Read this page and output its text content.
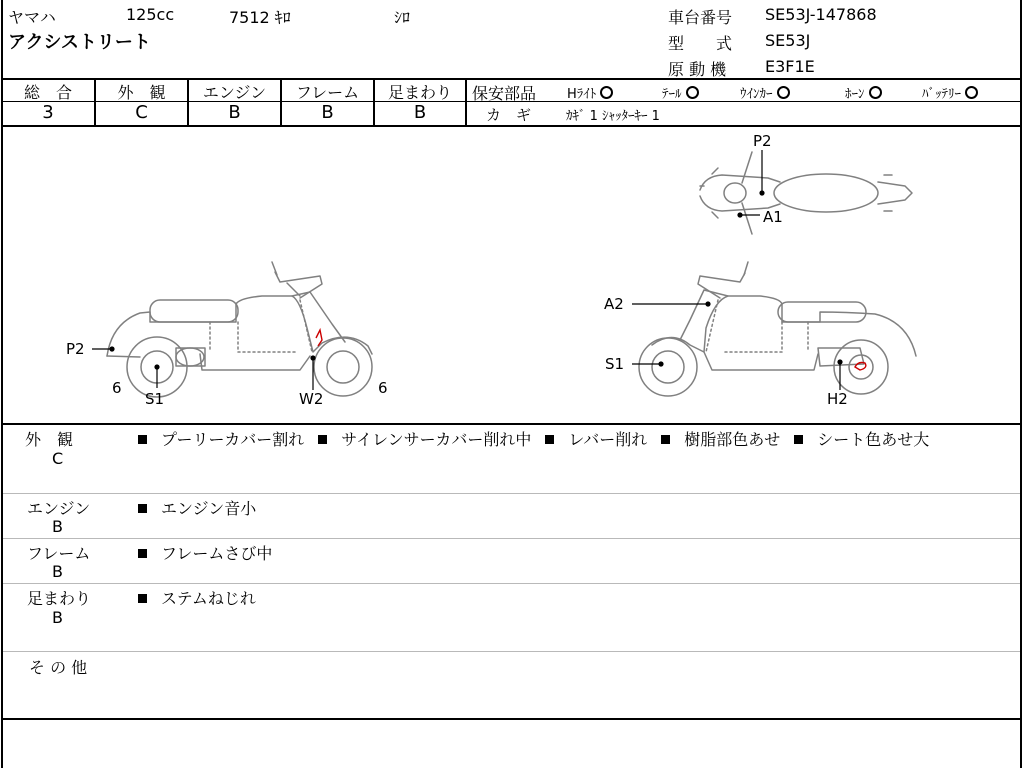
ヤマハ	125cc	7512 ｷﾛ	ｼﾛ
アクシストリート
車台番号 SE53J-147868
型　　式 SE53J
原 動 機 E3F1E
総　合	外　観	エンジン	フレーム	足まわり
3	C	B	B	B
保安部品 Hﾗｲﾄ	ﾃｰﾙ	ｳｲﾝｶｰ	ﾎｰﾝ	ﾊﾞｯﾃﾘｰ
カ　ギ	ｶｷﾞ 1 ｼｬｯﾀｰｷｰ 1
P2
6
S1	W2
6
A2
S1
H2
P2
A1
外　観
C
プーリーカバー割れ サイレンサーカバー削れ中 レバー削れ 樹脂部色あせ シート色あせ大
エンジン
B
エンジン音小
フレーム
B
フレームさび中
足まわり
B
ステムねじれ
そ の 他
